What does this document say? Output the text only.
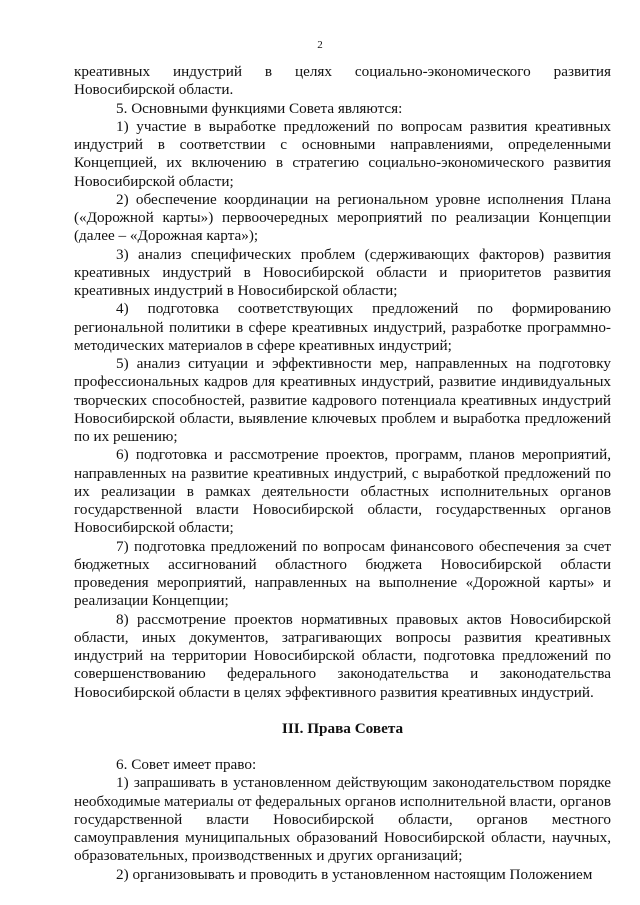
2

креативных индустрий в целях социально-экономического развития Новосибирской области.

5. Основными функциями Совета являются:

1) участие в выработке предложений по вопросам развития креативных индустрий в соответствии с основными направлениями, определенными Концепцией, их включению в стратегию социально-экономического развития Новосибирской области;

2) обеспечение координации на региональном уровне исполнения Плана («Дорожной карты») первоочередных мероприятий по реализации Концепции (далее – «Дорожная карта»);

3) анализ специфических проблем (сдерживающих факторов) развития креативных индустрий в Новосибирской области и приоритетов развития креативных индустрий в Новосибирской области;

4) подготовка соответствующих предложений по формированию региональной политики в сфере креативных индустрий, разработке программно-методических материалов в сфере креативных индустрий;

5) анализ ситуации и эффективности мер, направленных на подготовку профессиональных кадров для креативных индустрий, развитие индивидуальных творческих способностей, развитие кадрового потенциала креативных индустрий Новосибирской области, выявление ключевых проблем и выработка предложений по их решению;

6) подготовка и рассмотрение проектов, программ, планов мероприятий, направленных на развитие креативных индустрий, с выработкой предложений по их реализации в рамках деятельности областных исполнительных органов государственной власти Новосибирской области, государственных органов Новосибирской области;

7) подготовка предложений по вопросам финансового обеспечения за счет бюджетных ассигнований областного бюджета Новосибирской области проведения мероприятий, направленных на выполнение «Дорожной карты» и реализации Концепции;

8) рассмотрение проектов нормативных правовых актов Новосибирской области, иных документов, затрагивающих вопросы развития креативных индустрий на территории Новосибирской области, подготовка предложений по совершенствованию федерального законодательства и законодательства Новосибирской области в целях эффективного развития креативных индустрий.

III. Права Совета

6. Совет имеет право:

1) запрашивать в установленном действующим законодательством порядке необходимые материалы от федеральных органов исполнительной власти, органов государственной власти Новосибирской области, органов местного самоуправления муниципальных образований Новосибирской области, научных, образовательных, производственных и других организаций;

2) организовывать и проводить в установленном настоящим Положением
